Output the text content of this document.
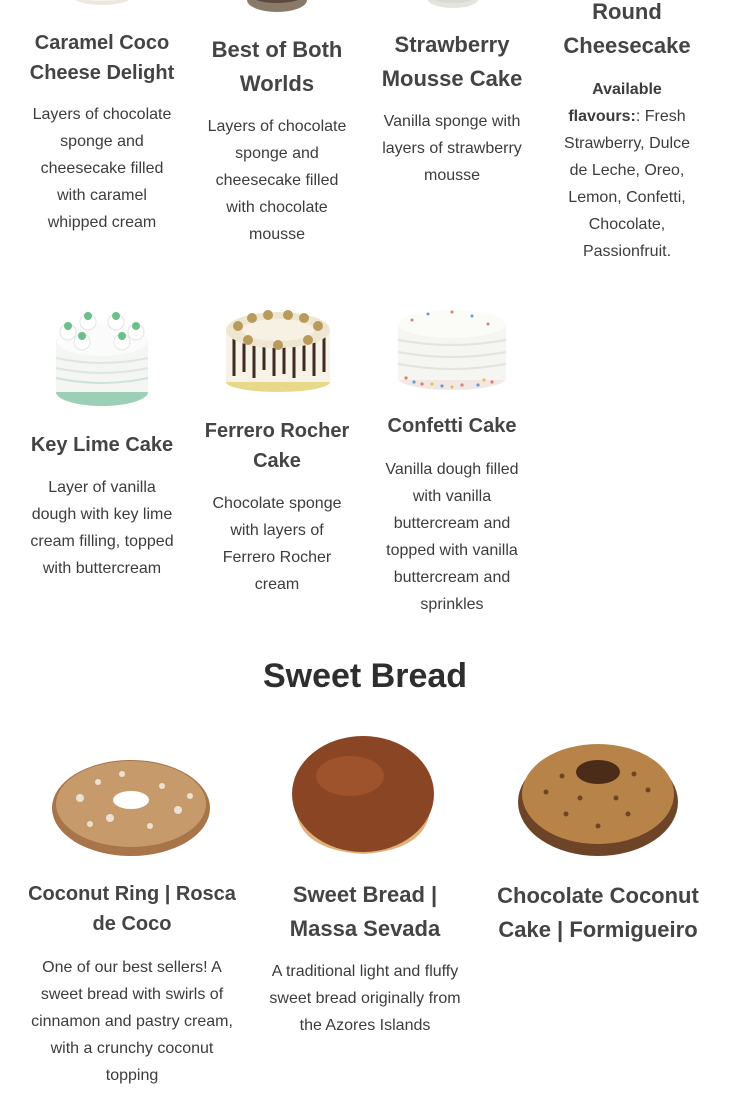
Caramel Coco Cheese Delight
Layers of chocolate sponge and cheesecake filled with caramel whipped cream
Best of Both Worlds
Layers of chocolate sponge and cheesecake filled with chocolate mousse
Strawberry Mousse Cake
Vanilla sponge with layers of strawberry mousse
Round Cheesecake
Available flavours:: Fresh Strawberry, Dulce de Leche, Oreo, Lemon, Confetti, Chocolate, Passionfruit.
Key Lime Cake
Layer of vanilla dough with key lime cream filling, topped with buttercream
Ferrero Rocher Cake
Chocolate sponge with layers of Ferrero Rocher cream
Confetti Cake
Vanilla dough filled with vanilla buttercream and topped with vanilla buttercream and sprinkles
Sweet Bread
Coconut Ring | Rosca de Coco
One of our best sellers! A sweet bread with swirls of cinnamon and pastry cream, with a crunchy coconut topping
Sweet Bread | Massa Sevada
A traditional light and fluffy sweet bread originally from the Azores Islands
Chocolate Coconut Cake | Formigueiro
